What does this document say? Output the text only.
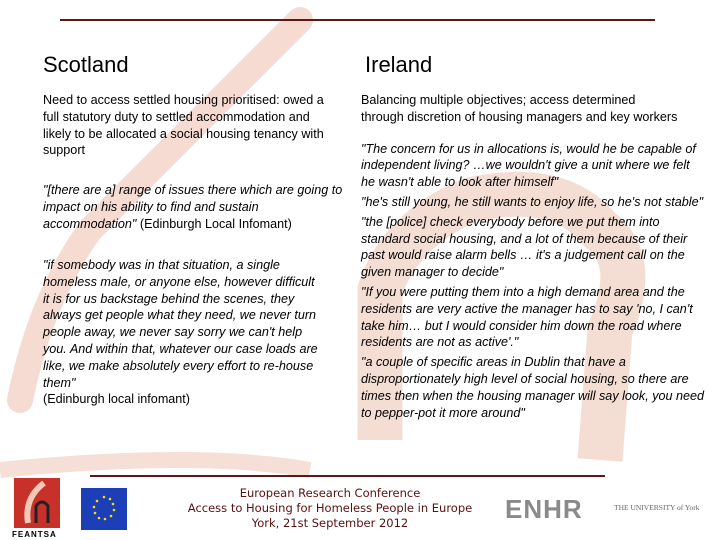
Scotland	Ireland
Need to access settled housing prioritised: owed a full statutory duty to settled accommodation and likely to be allocated a social housing tenancy with support
"[there are a] range of issues there which are going to impact on his ability to find and sustain accommodation" (Edinburgh Local Infomant)
"if somebody was in that situation, a single homeless male, or anyone else, however difficult it is for us backstage behind the scenes, they always get people what they need, we never turn people away, we never say sorry we can't help you. And within that, whatever our case loads are like, we make absolutely every effort to re-house them"
(Edinburgh local infomant)
Balancing multiple objectives; access determined through discretion of housing managers and key workers
"The concern for us in allocations is, would he be capable of independent living? …we wouldn't give a unit where we felt he wasn't able to look after himself"
"he's still young, he still wants to enjoy life, so he's not stable"
"the [police] check everybody before we put them into standard social housing, and a lot of them because of their past would raise alarm bells … it's a judgement call on the given manager to decide"
"If you were putting them into a high demand area and the residents are very active the manager has to say 'no, I can't take him… but I would consider him down the road where residents are not as active'."
"a couple of specific areas in Dublin that have a disproportionately high level of social housing, so there are times then when the housing manager will say look, you need to pepper-pot it more around"
FEANTSA
European Research Conference
Access to Housing for Homeless People in Europe
York, 21st September 2012	ENHR	THE UNIVERSITY of York
